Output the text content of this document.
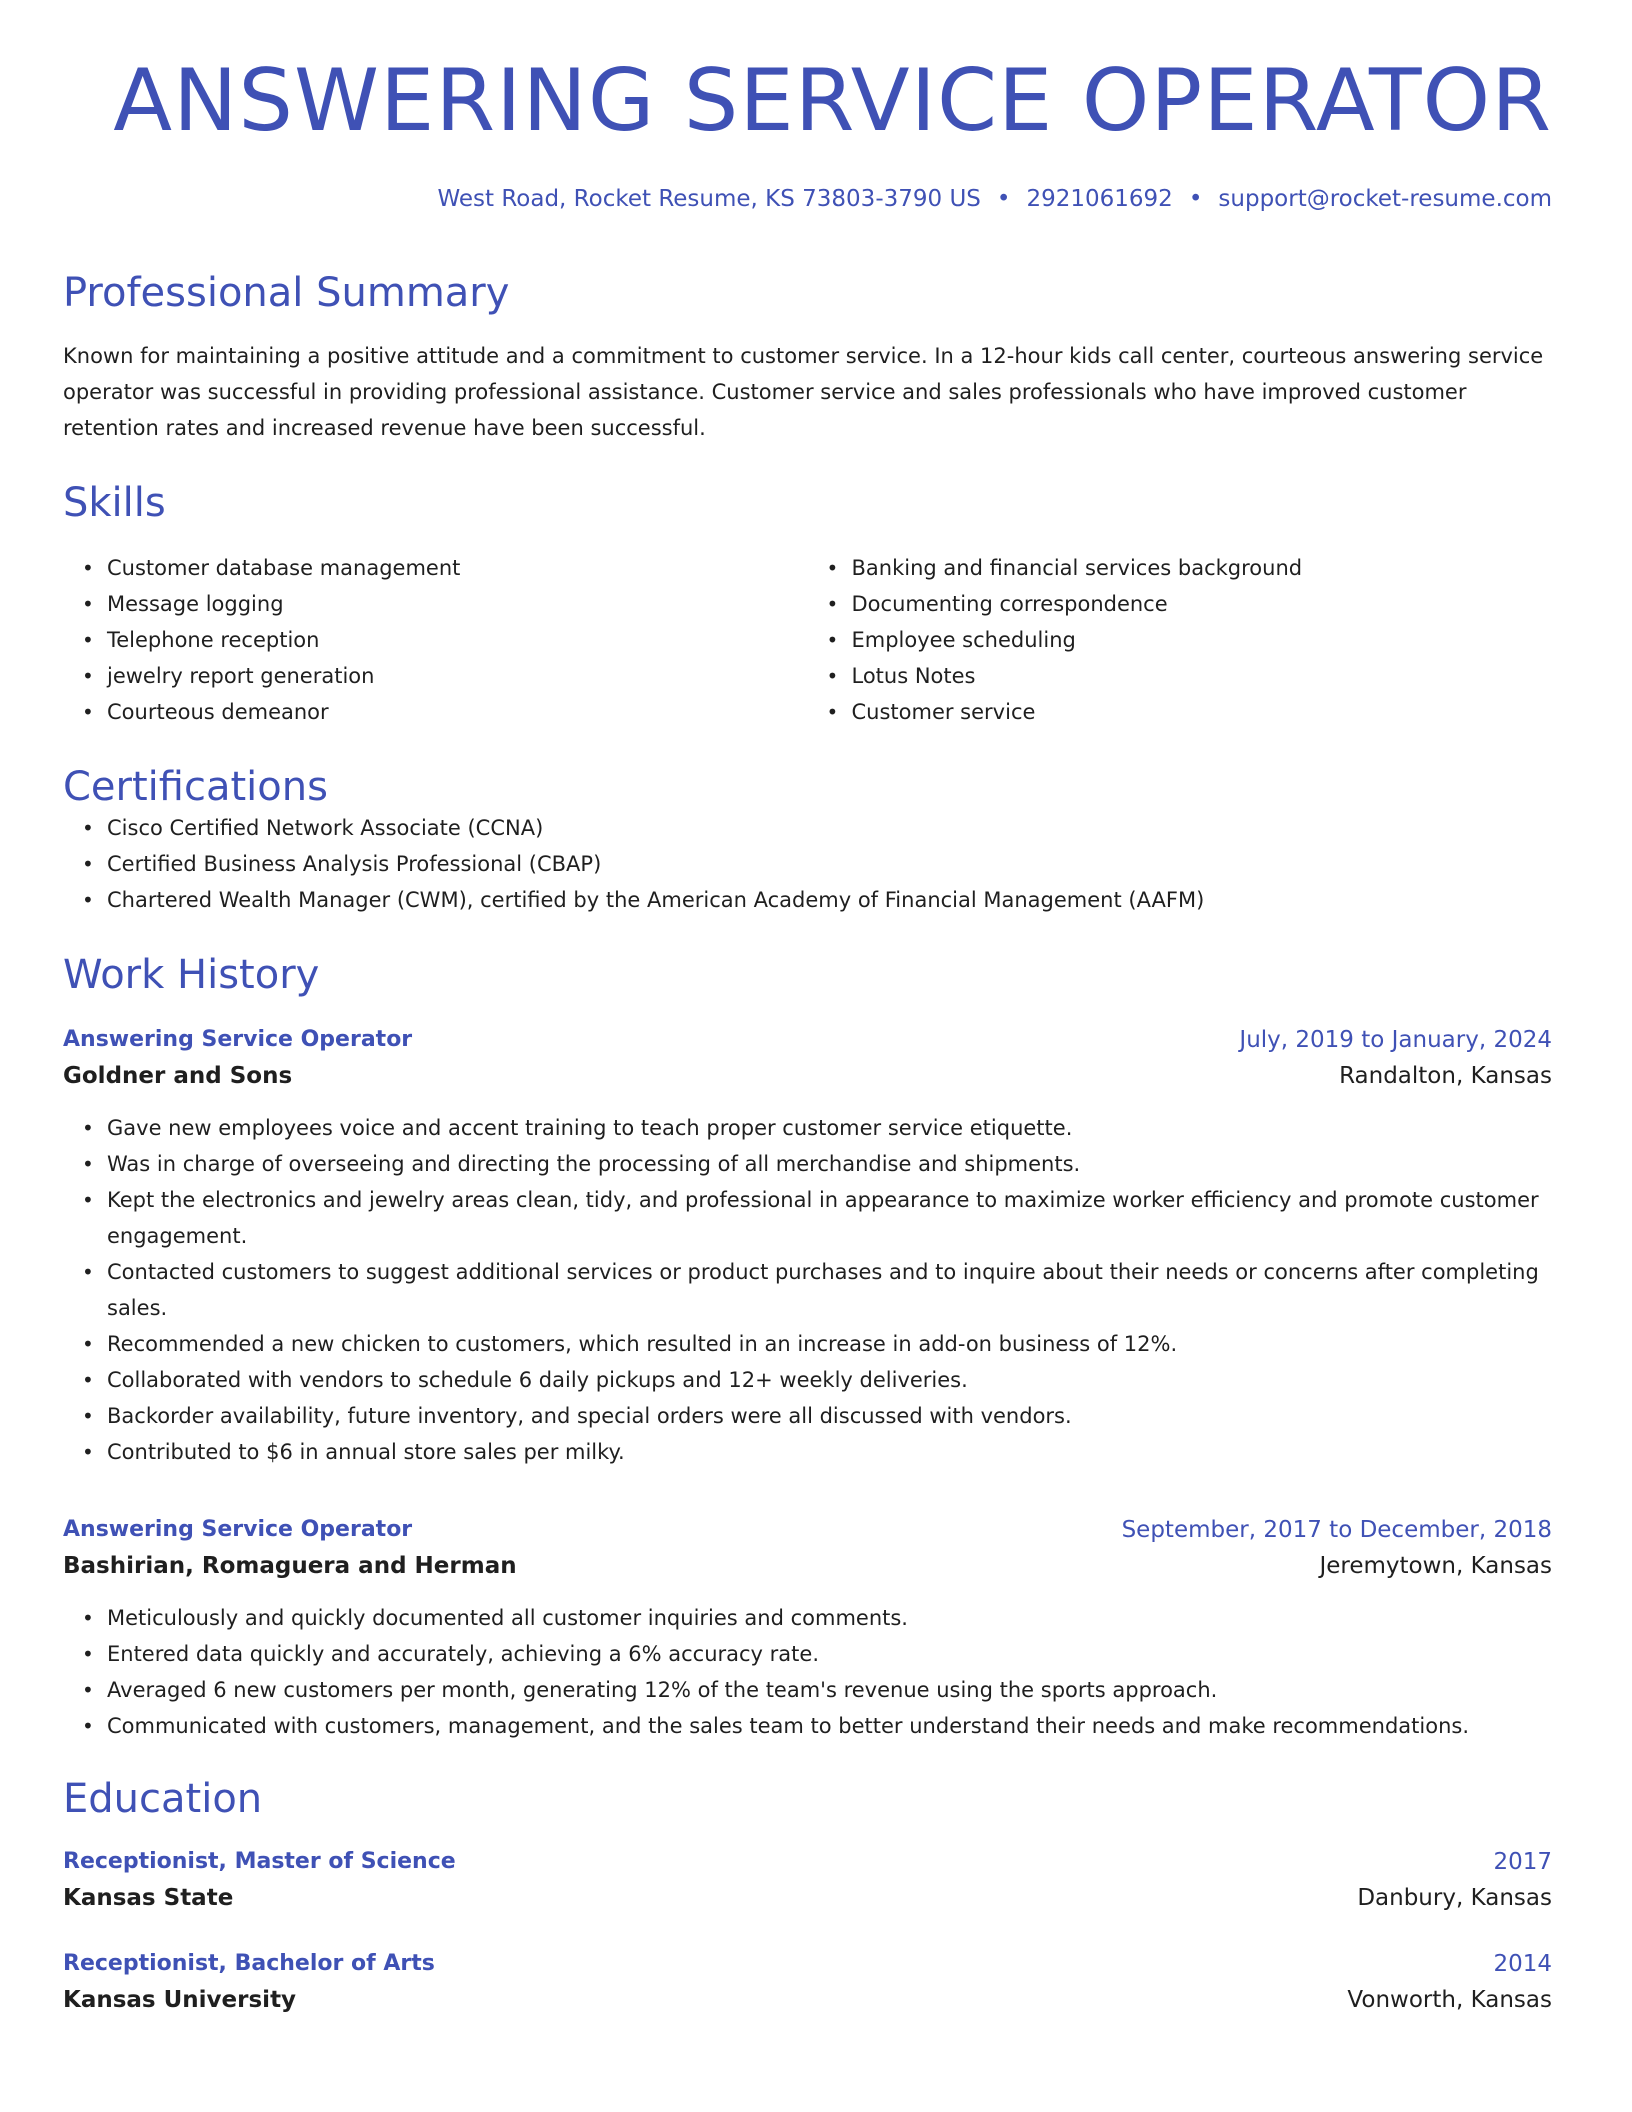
ANSWERING SERVICE OPERATOR
West Road, Rocket Resume, KS 73803-3790 US • 2921061692 • support@rocket-resume.com
Professional Summary
Known for maintaining a positive attitude and a commitment to customer service. In a 12-hour kids call center, courteous answering service operator was successful in providing professional assistance. Customer service and sales professionals who have improved customer retention rates and increased revenue have been successful.
Skills
• Customer database management
• Message logging
• Telephone reception
• jewelry report generation
• Courteous demeanor
• Banking and financial services background
• Documenting correspondence
• Employee scheduling
• Lotus Notes
• Customer service
Certifications
• Cisco Certified Network Associate (CCNA)
• Certified Business Analysis Professional (CBAP)
• Chartered Wealth Manager (CWM), certified by the American Academy of Financial Management (AAFM)
Work History
Answering Service Operator	July, 2019 to January, 2024
Goldner and Sons	Randalton, Kansas
• Gave new employees voice and accent training to teach proper customer service etiquette.
• Was in charge of overseeing and directing the processing of all merchandise and shipments.
• Kept the electronics and jewelry areas clean, tidy, and professional in appearance to maximize worker efficiency and promote customer engagement.
• Contacted customers to suggest additional services or product purchases and to inquire about their needs or concerns after completing sales.
• Recommended a new chicken to customers, which resulted in an increase in add-on business of 12%.
• Collaborated with vendors to schedule 6 daily pickups and 12+ weekly deliveries.
• Backorder availability, future inventory, and special orders were all discussed with vendors.
• Contributed to $6 in annual store sales per milky.
Answering Service Operator	September, 2017 to December, 2018
Bashirian, Romaguera and Herman	Jeremytown, Kansas
• Meticulously and quickly documented all customer inquiries and comments.
• Entered data quickly and accurately, achieving a 6% accuracy rate.
• Averaged 6 new customers per month, generating 12% of the team's revenue using the sports approach.
• Communicated with customers, management, and the sales team to better understand their needs and make recommendations.
Education
Receptionist, Master of Science	2017
Kansas State	Danbury, Kansas
Receptionist, Bachelor of Arts	2014
Kansas University	Vonworth, Kansas
